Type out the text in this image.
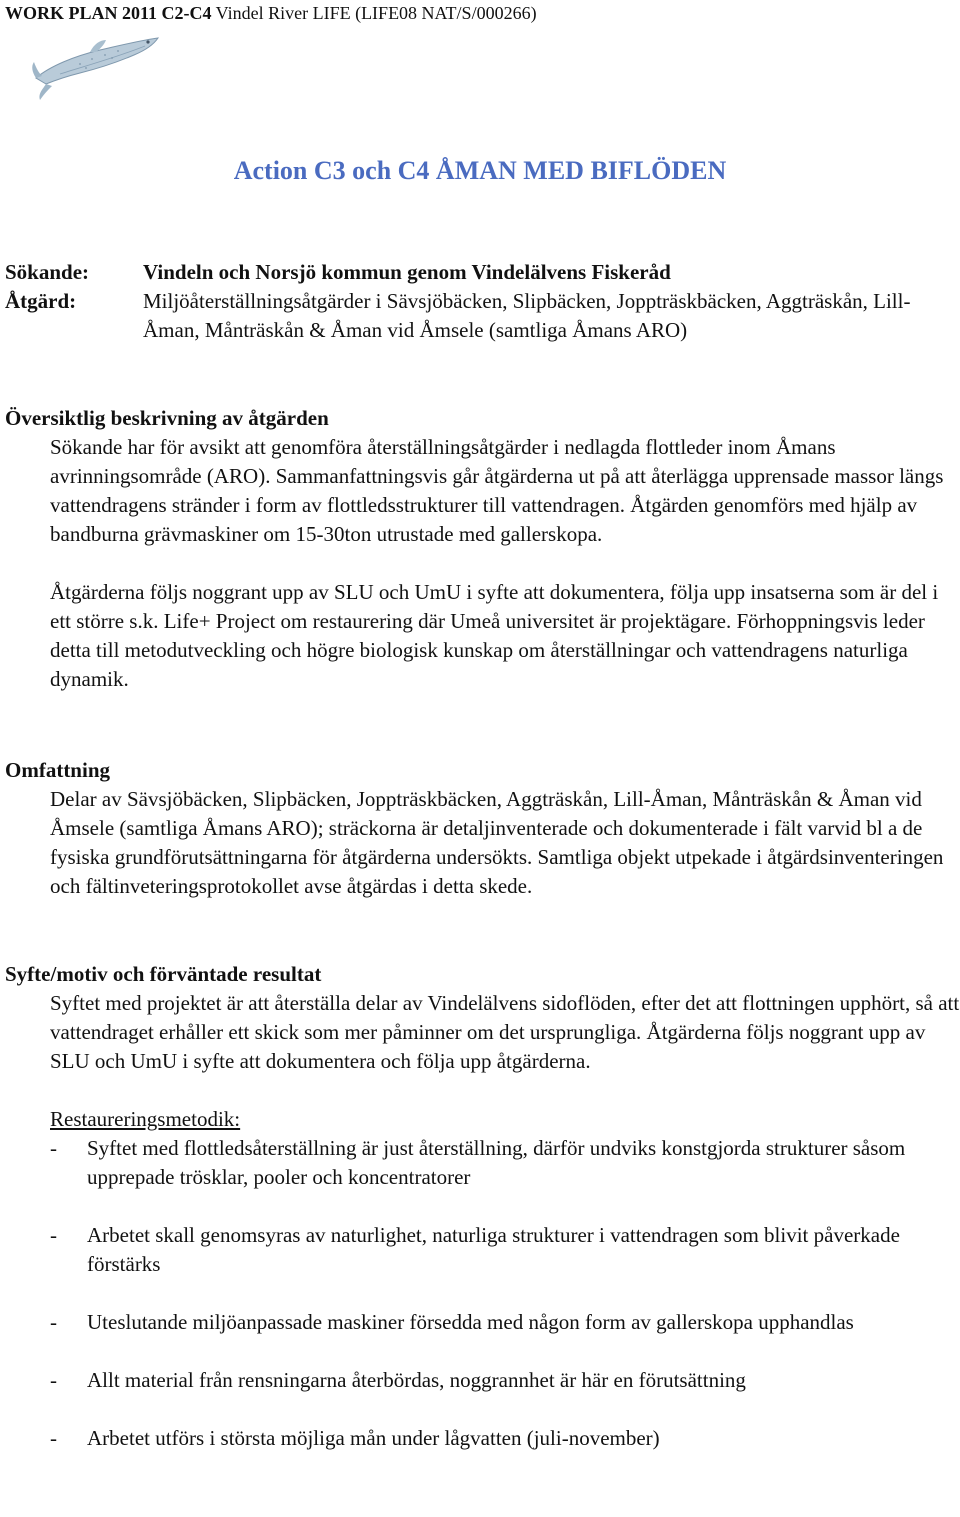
WORK PLAN 2011 C2-C4 Vindel River LIFE (LIFE08 NAT/S/000266)
Action C3 och C4 ÅMAN MED BIFLÖDEN
Sökande:	Vindeln och Norsjö kommun genom Vindelälvens Fiskeråd
Åtgärd:	Miljöåterställningsåtgärder i Sävsjöbäcken, Slipbäcken, Joppträskbäcken, Aggträskån, Lill-Åman, Månträskån & Åman vid Åmsele (samtliga Åmans ARO)
Översiktlig beskrivning av åtgärden

Sökande har för avsikt att genomföra återställningsåtgärder i nedlagda flottleder inom Åmans avrinningsområde (ARO). Sammanfattningsvis går åtgärderna ut på att återlägga upprensade massor längs vattendragens stränder i form av flottledsstrukturer till vattendragen. Åtgärden genomförs med hjälp av bandburna grävmaskiner om 15-30ton utrustade med gallerskopa.

Åtgärderna följs noggrant upp av SLU och UmU i syfte att dokumentera, följa upp insatserna som är del i ett större s.k. Life+ Project om restaurering där Umeå universitet är projektägare. Förhoppningsvis leder detta till metodutveckling och högre biologisk kunskap om återställningar och vattendragens naturliga dynamik.

Omfattning

Delar av Sävsjöbäcken, Slipbäcken, Joppträskbäcken, Aggträskån, Lill-Åman, Månträskån & Åman vid Åmsele (samtliga Åmans ARO); sträckorna är detaljinventerade och dokumenterade i fält varvid bl a de fysiska grundförutsättningarna för åtgärderna undersökts. Samtliga objekt utpekade i åtgärdsinventeringen och fältinveteringsprotokollet avse åtgärdas i detta skede.

Syfte/motiv och förväntade resultat

Syftet med projektet är att återställa delar av Vindelälvens sidoflöden, efter det att flottningen upphört, så att vattendraget erhåller ett skick som mer påminner om det ursprungliga. Åtgärderna följs noggrant upp av SLU och UmU i syfte att dokumentera och följa upp åtgärderna.

Restaureringsmetodik:
-	Syftet med flottledsåterställning är just återställning, därför undviks konstgjorda strukturer såsom upprepade trösklar, pooler och koncentratorer
-	Arbetet skall genomsyras av naturlighet, naturliga strukturer i vattendragen som blivit påverkade förstärks
-	Uteslutande miljöanpassade maskiner försedda med någon form av gallerskopa upphandlas
-	Allt material från rensningarna återbördas, noggrannhet är här en förutsättning
-	Arbetet utförs i största möjliga mån under lågvatten (juli-november)
